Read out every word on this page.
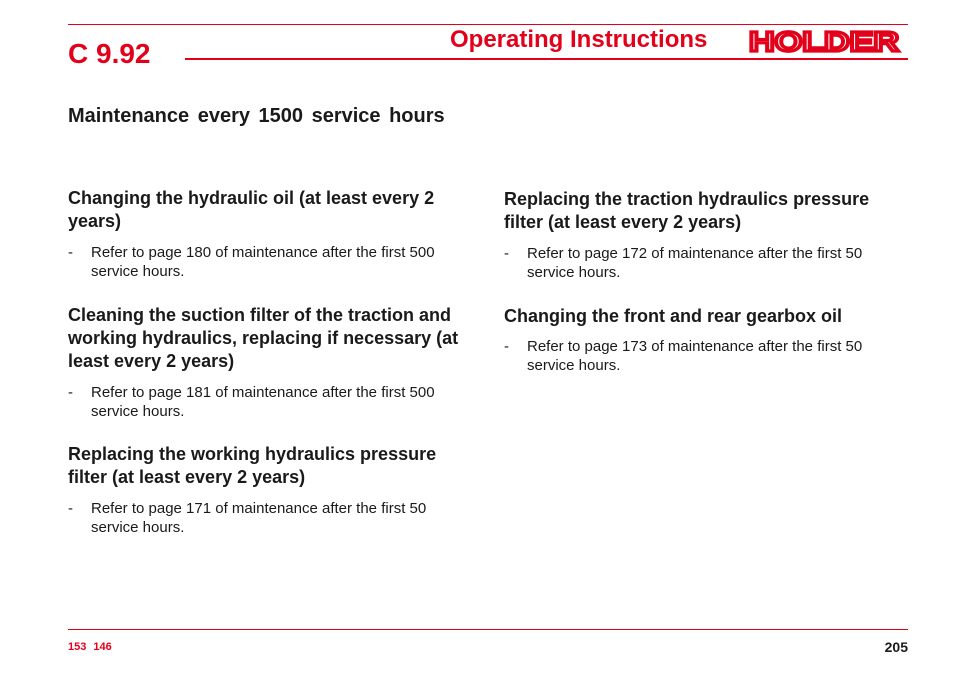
C 9.92	Operating Instructions HOLDER
Maintenance every 1500 service hours
Changing the hydraulic oil (at least every 2 years)
-	Refer to page 180 of maintenance after the first 500 service hours.
Cleaning the suction filter of the traction and working hydraulics, replacing if necessary (at least every 2 years)
-	Refer to page 181 of maintenance after the first 500 service hours.
Replacing the working hydraulics pressure filter (at least every 2 years)
-	Refer to page 171 of maintenance after the first 50 service hours.
Replacing the traction hydraulics pressure filter (at least every 2 years)
-	Refer to page 172 of maintenance after the first 50 service hours.
Changing the front and rear gearbox oil
-	Refer to page 173 of maintenance after the first 50 service hours.
153 146	205
